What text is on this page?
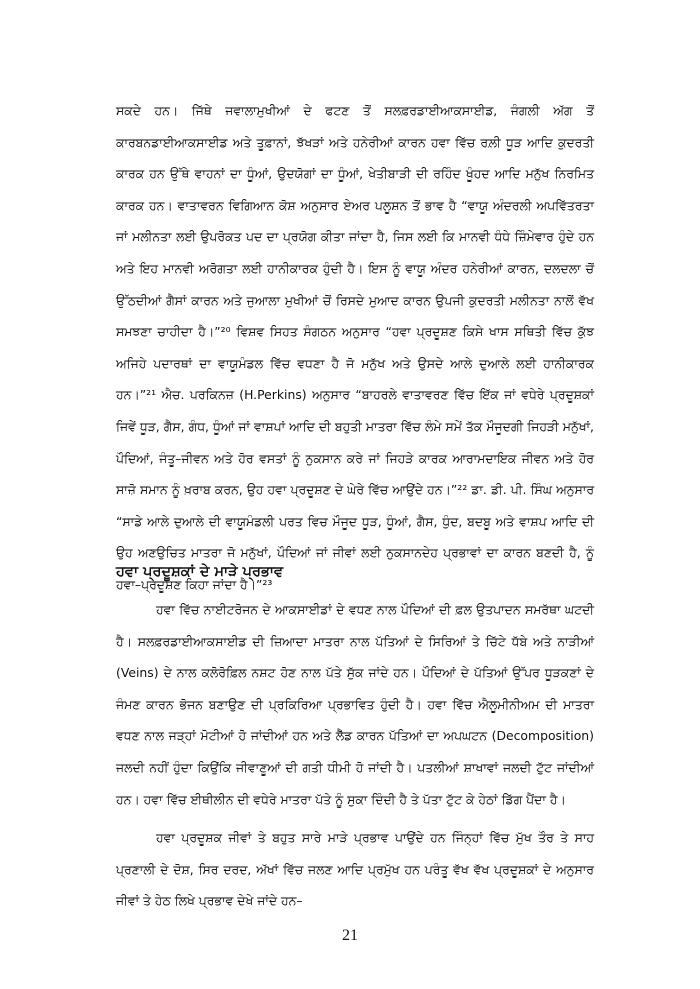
ਸਕਦੇ ਹਨ। ਜਿੱਥੇ ਜਵਾਲਾਮੁਖੀਆਂ ਦੇ ਫਟਣ ਤੋਂ ਸਲਫ਼ਰਡਾਈਆਕਸਾਈਡ, ਜੰਗਲੀ ਅੱਗ ਤੋਂ ਕਾਰਬਨਡਾਈਆਕਸਾਈਡ ਅਤੇ ਤੂਫ਼ਾਨਾਂ, ਝੱਖੜਾਂ ਅਤੇ ਹਨੇਰੀਆਂ ਕਾਰਨ ਹਵਾ ਵਿੱਚ ਰਲ਼ੀ ਧੂੜ ਆਦਿ ਕੁਦਰਤੀ ਕਾਰਕ ਹਨ ਉੱਥੇ ਵਾਹਨਾਂ ਦਾ ਧੂੰਆਂ, ਉਦਯੋਗਾਂ ਦਾ ਧੂੰਆਂ, ਖੇਤੀਬਾੜੀ ਦੀ ਰਹਿੰਦ ਖੂੰਹਦ ਆਦਿ ਮਨੁੱਖ ਨਿਰਮਿਤ ਕਾਰਕ ਹਨ। ਵਾਤਾਵਰਨ ਵਿਗਿਆਨ ਕੋਸ਼ ਅਨੁਸਾਰ ਏਅਰ ਪਲੂਸ਼ਨ ਤੋਂ ਭਾਵ ਹੈ “ਵਾਯੂ ਅੰਦਰਲੀ ਅਪਵਿੱਤਰਤਾ ਜਾਂ ਮਲੀਨਤਾ ਲਈ ਉਪਰੋਕਤ ਪਦ ਦਾ ਪ੍ਰਯੋਗ ਕੀਤਾ ਜਾਂਦਾ ਹੈ, ਜਿਸ ਲਈ ਕਿ ਮਾਨਵੀ ਧੰਧੇ ਜ਼ਿੰਮੇਵਾਰ ਹੁੰਦੇ ਹਨ ਅਤੇ ਇਹ ਮਾਨਵੀ ਅਰੋਗਤਾ ਲਈ ਹਾਨੀਕਾਰਕ ਹੁੰਦੀ ਹੈ। ਇਸ ਨੂੰ ਵਾਯੂ ਅੰਦਰ ਹਨੇਰੀਆਂ ਕਾਰਨ, ਦਲਦਲਾ ਚੋਂ ਉੱਠਦੀਆਂ ਗੈਸਾਂ ਕਾਰਨ ਅਤੇ ਜੁਆਲਾ ਮੁਖੀਆਂ ਚੋਂ ਰਿਸਦੇ ਮੁਆਦ ਕਾਰਨ ਉਪਜੀ ਕੁਦਰਤੀ ਮਲੀਨਤਾ ਨਾਲੋਂ ਵੱਖ ਸਮਝਣਾ ਚਾਹੀਦਾ ਹੈ।”²⁰ ਵਿਸ਼ਵ ਸਿਹਤ ਸੰਗਠਨ ਅਨੁਸਾਰ “ਹਵਾ ਪ੍ਰਦੂਸ਼ਣ ਕਿਸੇ ਖਾਸ ਸਥਿਤੀ ਵਿੱਚ ਕੁੱਝ ਅਜਿਹੇ ਪਦਾਰਥਾਂ ਦਾ ਵਾਯੂਮੰਡਲ ਵਿੱਚ ਵਧਣਾ ਹੈ ਜੋ ਮਨੁੱਖ ਅਤੇ ਉਸਦੇ ਆਲੇ ਦੁਆਲੇ ਲਈ ਹਾਨੀਕਾਰਕ ਹਨ।”²¹ ਐਚ. ਪਰਕਿਨਜ਼ (H.Perkins) ਅਨੁਸਾਰ “ਬਾਹਰਲੇ ਵਾਤਾਵਰਣ ਵਿੱਚ ਇੱਕ ਜਾਂ ਵਧੇਰੇ ਪ੍ਰਦੂਸ਼ਕਾਂ ਜਿਵੇਂ ਧੂੜ, ਗੈਸ, ਗੰਧ, ਧੂੰਆਂ ਜਾਂ ਵਾਸ਼ਪਾਂ ਆਦਿ ਦੀ ਬਹੁਤੀ ਮਾਤਰਾ ਵਿੱਚ ਲੰਮੇ ਸਮੇਂ ਤੱਕ ਮੌਜੂਦਗੀ ਜਿਹੜੀ ਮਨੁੱਖਾਂ, ਪੌਦਿਆਂ, ਜੰਤੂ–ਜੀਵਨ ਅਤੇ ਹੋਰ ਵਸਤਾਂ ਨੂੰ ਨੁਕਸਾਨ ਕਰੇ ਜਾਂ ਜਿਹੜੇ ਕਾਰਕ ਆਰਾਮਦਾਇਕ ਜੀਵਨ ਅਤੇ ਹੋਰ ਸਾਜ਼ੋ ਸਮਾਨ ਨੂੰ ਖ਼ਰਾਬ ਕਰਨ, ਉਹ ਹਵਾ ਪ੍ਰਦੂਸ਼ਣ ਦੇ ਘੇਰੇ ਵਿੱਚ ਆਉਂਦੇ ਹਨ।”²² ਡਾ. ਡੀ. ਪੀ. ਸਿੰਘ ਅਨੁਸਾਰ “ਸਾਡੇ ਆਲੇ ਦੁਆਲੇ ਦੀ ਵਾਯੂਮੰਡਲੀ ਪਰਤ ਵਿਚ ਮੌਜੂਦ ਧੂੜ, ਧੂੰਆਂ, ਗੈਸ, ਧੁੰਦ, ਬਦਬੂ ਅਤੇ ਵਾਸ਼ਪ ਆਦਿ ਦੀ ਉਹ ਅਣਉਚਿਤ ਮਾਤਰਾ ਜੋ ਮਨੁੱਖਾਂ, ਪੌਦਿਆਂ ਜਾਂ ਜੀਵਾਂ ਲਈ ਨੁਕਸਾਨਦੇਹ ਪ੍ਰਭਾਵਾਂ ਦਾ ਕਾਰਨ ਬਣਦੀ ਹੈ, ਨੂੰ ਹਵਾ–ਪ੍ਰਦੂਸ਼ਣ ਕਿਹਾ ਜਾਂਦਾ ਹੈ।”²³

ਹਵਾ ਪ੍ਰਦੂਸ਼ਕਾਂ ਦੇ ਮਾੜੇ ਪ੍ਰਭਾਵ

ਹਵਾ ਵਿੱਚ ਨਾਈਟਰੋਜਨ ਦੇ ਆਕਸਾਈਡਾਂ ਦੇ ਵਧਣ ਨਾਲ ਪੌਦਿਆਂ ਦੀ ਫ਼ਲ ਉਤਪਾਦਨ ਸਮਰੱਥਾ ਘਟਦੀ ਹੈ। ਸਲਫ਼ਰਡਾਈਆਕਸਾਈਡ ਦੀ ਜ਼ਿਆਦਾ ਮਾਤਰਾ ਨਾਲ ਪੱਤਿਆਂ ਦੇ ਸਿਰਿਆਂ ਤੇ ਚਿੱਟੇ ਧੱਬੇ ਅਤੇ ਨਾੜੀਆਂ (Veins) ਦੇ ਨਾਲ ਕਲੋਰੋਫ਼ਿਲ ਨਸ਼ਟ ਹੋਣ ਨਾਲ ਪੱਤੇ ਸੁੱਕ ਜਾਂਦੇ ਹਨ। ਪੌਦਿਆਂ ਦੇ ਪੱਤਿਆਂ ਉੱਪਰ ਧੂੜਕਣਾਂ ਦੇ ਜੰਮਣ ਕਾਰਨ ਭੋਜਨ ਬਣਾਉਣ ਦੀ ਪ੍ਰਕਿਰਿਆ ਪ੍ਰਭਾਵਿਤ ਹੁੰਦੀ ਹੈ। ਹਵਾ ਵਿੱਚ ਐਲੂਮੀਨੀਅਮ ਦੀ ਮਾਤਰਾ ਵਧਣ ਨਾਲ ਜੜ੍ਹਾਂ ਮੋਟੀਆਂ ਹੋ ਜਾਂਦੀਆਂ ਹਨ ਅਤੇ ਲੈੱਡ ਕਾਰਨ ਪੱਤਿਆਂ ਦਾ ਅਪਘਟਨ (Decomposition) ਜਲਦੀ ਨਹੀਂ ਹੁੰਦਾ ਕਿਉਂਕਿ ਜੀਵਾਣੂਆਂ ਦੀ ਗਤੀ ਧੀਮੀ ਹੋ ਜਾਂਦੀ ਹੈ। ਪਤਲੀਆਂ ਸ਼ਾਖਾਵਾਂ ਜਲਦੀ ਟੁੱਟ ਜਾਂਦੀਆਂ ਹਨ। ਹਵਾ ਵਿੱਚ ਈਥੀਲੀਨ ਦੀ ਵਧੇਰੇ ਮਾਤਰਾ ਪੱਤੇ ਨੂੰ ਸੁਕਾ ਦਿੰਦੀ ਹੈ ਤੇ ਪੱਤਾ ਟੁੱਟ ਕੇ ਹੇਠਾਂ ਡਿੱਗ ਪੈਂਦਾ ਹੈ।

ਹਵਾ ਪ੍ਰਦੂਸ਼ਕ ਜੀਵਾਂ ਤੇ ਬਹੁਤ ਸਾਰੇ ਮਾੜੇ ਪ੍ਰਭਾਵ ਪਾਉਂਦੇ ਹਨ ਜਿੰਨ੍ਹਾਂ ਵਿੱਚ ਮੁੱਖ ਤੌਰ ਤੇ ਸਾਹ ਪ੍ਰਣਾਲੀ ਦੇ ਦੋਸ਼, ਸਿਰ ਦਰਦ, ਅੱਖਾਂ ਵਿੱਚ ਜਲਣ ਆਦਿ ਪ੍ਰਮੁੱਖ ਹਨ ਪਰੰਤੂ ਵੱਖ ਵੱਖ ਪ੍ਰਦੂਸ਼ਕਾਂ ਦੇ ਅਨੁਸਾਰ ਜੀਵਾਂ ਤੇ ਹੇਠ ਲਿਖੇ ਪ੍ਰਭਾਵ ਦੇਖੇ ਜਾਂਦੇ ਹਨ–

21
